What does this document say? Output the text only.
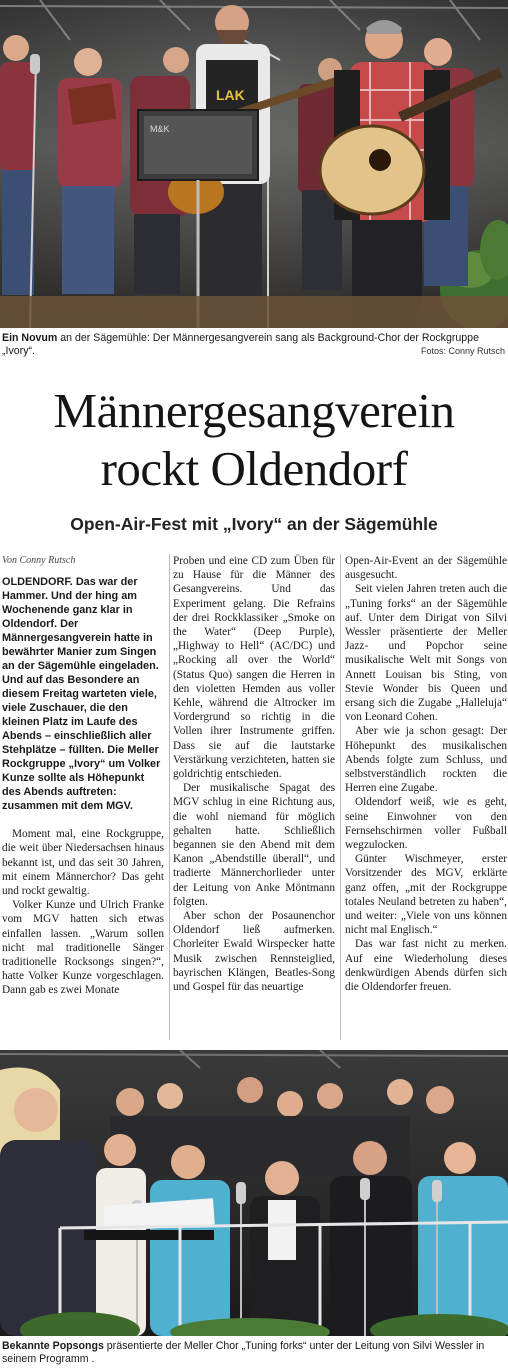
LAK
M&K
Ein Novum an der Sägemühle: Der Männergesangverein sang als Background-Chor der Rockgruppe „Ivory“.	Fotos: Conny Rutsch
Männergesangverein
rockt Oldendorf
Open-Air-Fest mit „Ivory“ an der Sägemühle

Von Conny Rutsch

OLDENDORF. Das war der Hammer. Und der hing am Wochenende ganz klar in Oldendorf. Der Männergesangverein hatte in bewährter Manier zum Singen an der Sägemühle eingeladen. Und auf das Besondere an diesem Freitag warteten viele, viele Zuschauer, die den kleinen Platz im Laufe des Abends – einschließlich aller Stehplätze – füllten. Die Meller Rockgruppe „Ivory“ um Volker Kunze sollte als Höhepunkt des Abends auftreten: zusammen mit dem MGV.

Moment mal, eine Rockgruppe, die weit über Niedersachsen hinaus bekannt ist, und das seit 30 Jahren, mit einem Männerchor? Das geht und rockt gewaltig.

Volker Kunze und Ulrich Franke vom MGV hatten sich etwas einfallen lassen. „Warum sollen nicht mal traditionelle Sänger traditionelle Rocksongs singen?“, hatte Volker Kunze vorgeschlagen. Dann gab es zwei Monate

Proben und eine CD zum Üben für zu Hause für die Männer des Gesangvereins. Und das Experiment gelang. Die Refrains der drei Rockklassiker „Smoke on the Water“ (Deep Purple), „Highway to Hell“ (AC/DC) und „Rocking all over the World“ (Status Quo) sangen die Herren in den violetten Hemden aus voller Kehle, während die Altrocker im Vordergrund so richtig in die Vollen ihrer Instrumente griffen. Dass sie auf die lautstarke Verstärkung verzichteten, hatten sie goldrichtig entschieden.

Der musikalische Spagat des MGV schlug in eine Richtung aus, die wohl niemand für möglich gehalten hatte. Schließlich begannen sie den Abend mit dem Kanon „Abendstille überall“, und tradierte Männerchorlieder unter der Leitung von Anke Möntmann folgten.

Aber schon der Posaunenchor Oldendorf ließ aufmerken. Chorleiter Ewald Wirspecker hatte Musik zwischen Rennsteiglied, bayrischen Klängen, Beatles-Song und Gospel für das neuartige

Open-Air-Event an der Sägemühle ausgesucht.

Seit vielen Jahren treten auch die „Tuning forks“ an der Sägemühle auf. Unter dem Dirigat von Silvi Wessler präsentierte der Meller Jazz- und Popchor seine musikalische Welt mit Songs von Annett Louisan bis Sting, von Stevie Wonder bis Queen und ersang sich die Zugabe „Halleluja“ von Leonard Cohen.

Aber wie ja schon gesagt: Der Höhepunkt des musikalischen Abends folgte zum Schluss, und selbstverständlich rockten die Herren eine Zugabe.

Oldendorf weiß, wie es geht, seine Einwohner von den Fernsehschirmen voller Fußball wegzulocken.

Günter Wischmeyer, erster Vorsitzender des MGV, erklärte ganz offen, „mit der Rockgruppe totales Neuland betreten zu haben“, und weiter: „Viele von uns können nicht mal Englisch.“

Das war fast nicht zu merken. Auf eine Wiederholung dieses denkwürdigen Abends dürfen sich die Oldendorfer freuen.

Bekannte Popsongs präsentierte der Meller Chor „Tuning forks“ unter der Leitung von Silvi Wessler in seinem Programm .
